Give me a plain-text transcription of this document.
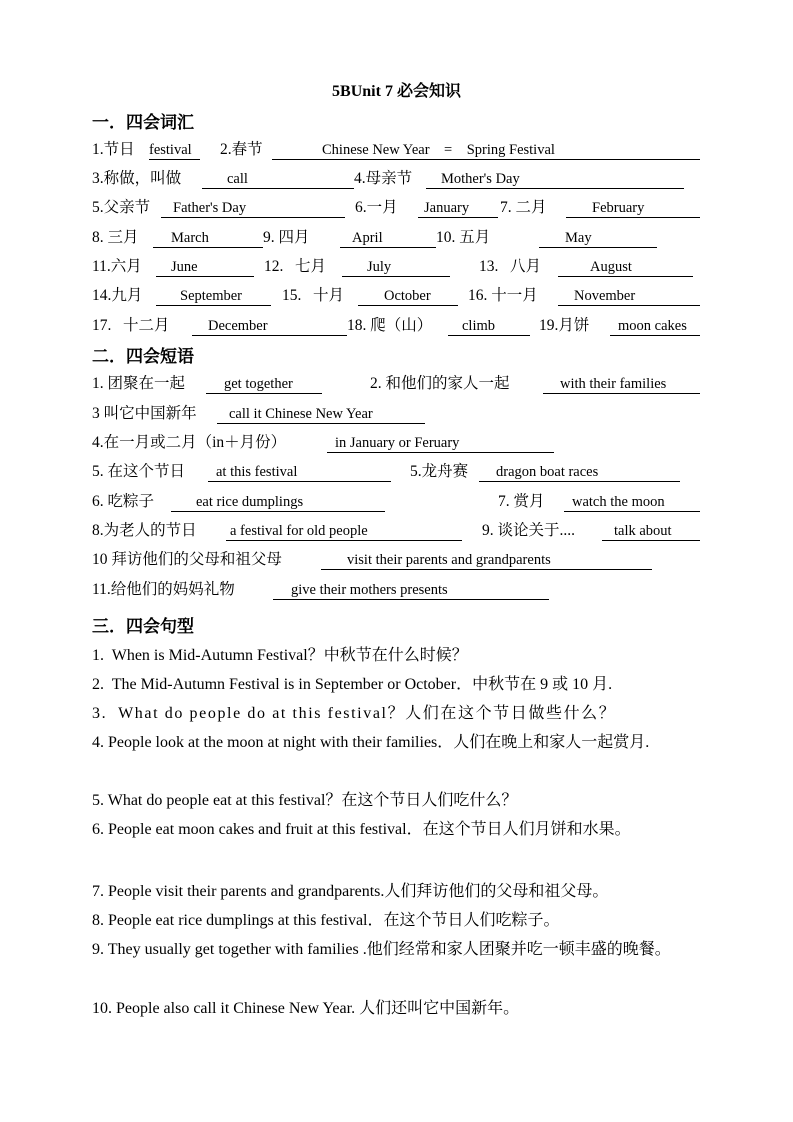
5BUnit 7 必会知识
一．四会词汇
1.节日 festival 2.春节	Chinese New Year    =    Spring Festival
3.称做，叫做	call	4.母亲节 Mother's Day
5.父亲节 Father's Day	6.一月 January 7. 二月	February
8. 三月 March	9. 四月	April	10. 五月	May
11.六月 June	12.   七月	July	13.   八月	August
14.九月	September	15.   十月	October 16. 十一月 November
17.   十二月	December	18. 爬（山） climb	19.月饼 moon cakes
二．四会短语
1. 团聚在一起	get together	2. 和他们的家人一起	with their families
3 叫它中国新年 call it Chinese New Year
4.在一月或二月（in＋月份）	in January or Feruary
5. 在这个节日 at this festival	5.龙舟赛 dragon boat races
6. 吃粽子	eat rice dumplings	7. 赏月 watch the moon
8.为老人的节日 a festival for old people	9. 谈论关于....	talk about
10 拜访他们的父母和祖父母	visit their parents and grandparents
11.给他们的妈妈礼物	give their mothers presents
三．四会句型
1.  When is Mid-Autumn Festival？中秋节在什么时候？
2.  The Mid-Autumn Festival is in September or October．中秋节在 9 或 10 月.
3.  What do people do at this festival？人们在这个节日做些什么？
4. People look at the moon at night with their families．人们在晚上和家人一起赏月.
5. What do people eat at this festival？在这个节日人们吃什么？
6. People eat moon cakes and fruit at this festival．在这个节日人们月饼和水果。
7. People visit their parents and grandparents.人们拜访他们的父母和祖父母。
8. People eat rice dumplings at this festival．在这个节日人们吃粽子。
9. They usually get together with families .他们经常和家人团聚并吃一顿丰盛的晚餐。
10. People also call it Chinese New Year. 人们还叫它中国新年。
